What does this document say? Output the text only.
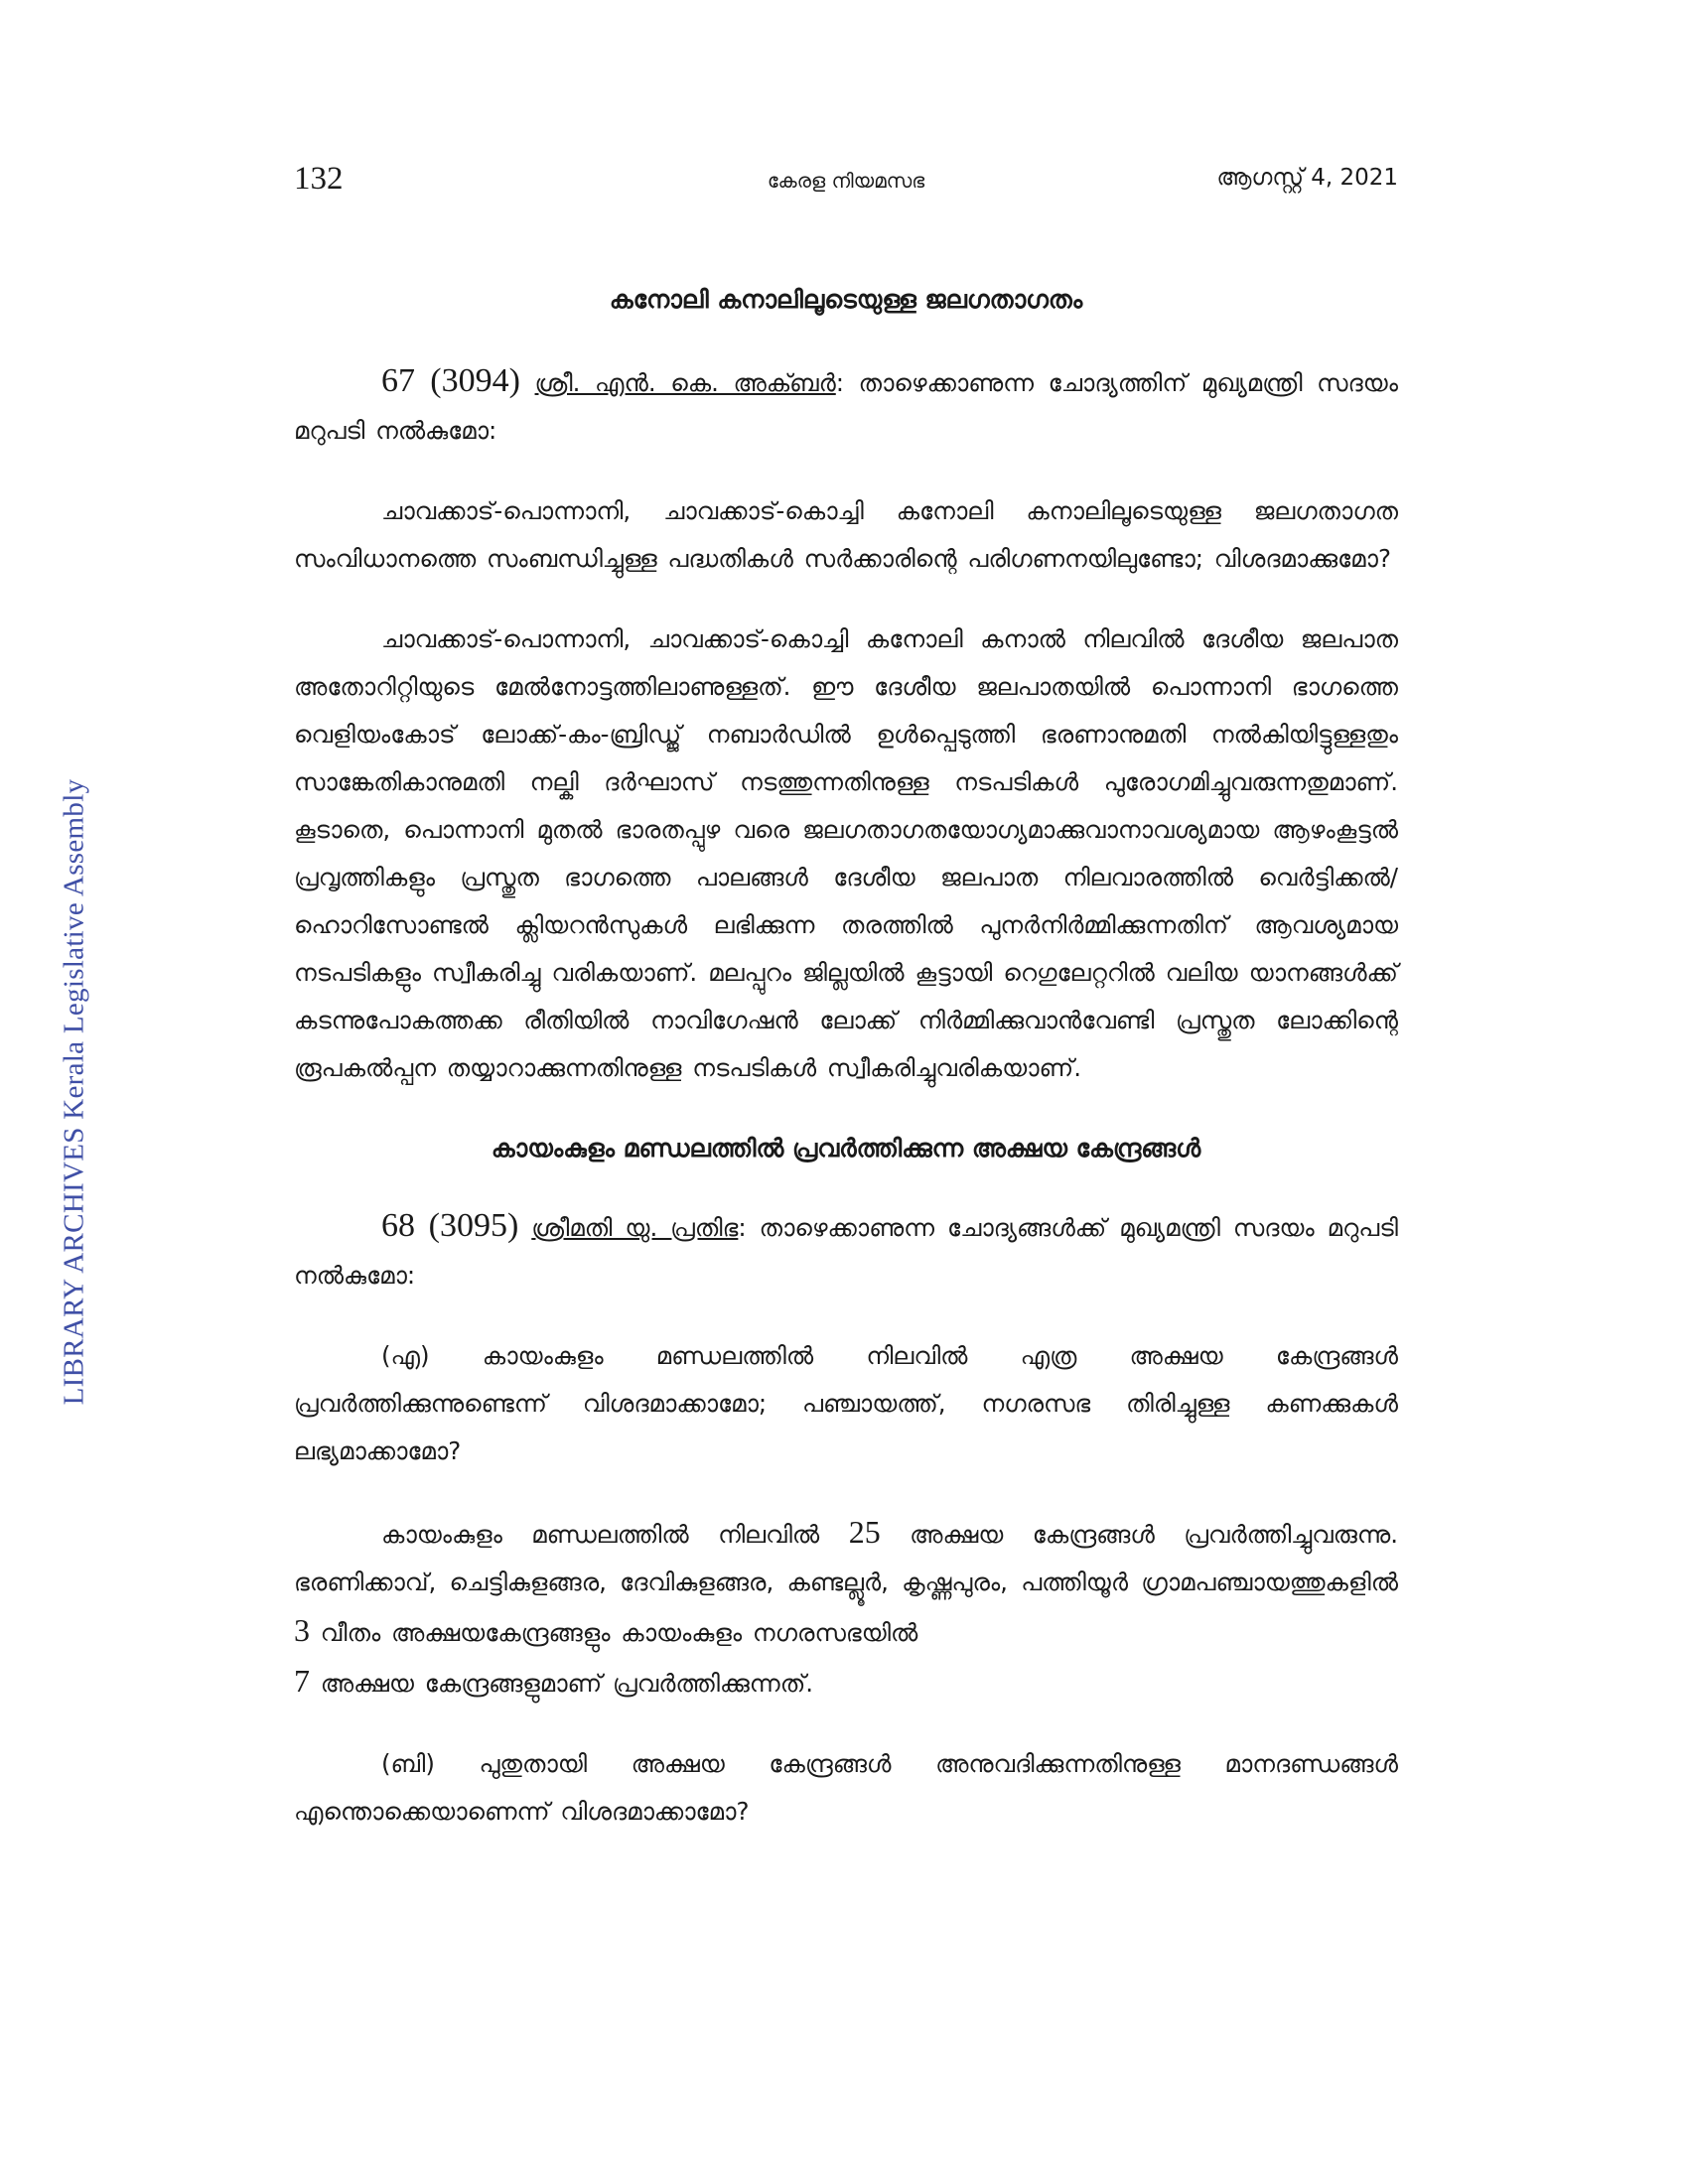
LIBRARY ARCHIVES Kerala Legislative Assembly
132	കേരള നിയമസഭ	ആഗസ്റ്റ് 4, 2021
കനോലി കനാലിലൂടെയുള്ള ജലഗതാഗതം

67 (3094) ശ്രീ. എൻ. കെ. അക്ബർ: താഴെക്കാണുന്ന ചോദ്യത്തിന് മുഖ്യമന്ത്രി സദയം മറുപടി നൽകുമോ:

ചാവക്കാട്-പൊന്നാനി, ചാവക്കാട്-കൊച്ചി കനോലി കനാലിലൂടെയുള്ള ജലഗതാഗത സംവിധാനത്തെ സംബന്ധിച്ചുള്ള പദ്ധതികൾ സർക്കാരിന്റെ പരിഗണനയിലുണ്ടോ; വിശദമാക്കുമോ?

ചാവക്കാട്-പൊന്നാനി, ചാവക്കാട്-കൊച്ചി കനോലി കനാൽ നിലവിൽ ദേശീയ ജലപാത അതോറിറ്റിയുടെ മേൽനോട്ടത്തിലാണുള്ളത്. ഈ ദേശീയ ജലപാതയിൽ പൊന്നാനി ഭാഗത്തെ വെളിയംകോട് ലോക്ക്-കം-ബ്രിഡ്ജ് നബാർഡിൽ ഉൾപ്പെടുത്തി ഭരണാനുമതി നൽകിയിട്ടുള്ളതും സാങ്കേതികാനുമതി നല്കി ദർഘാസ് നടത്തുന്നതിനുള്ള നടപടികൾ പുരോഗമിച്ചുവരുന്നതുമാണ്. കൂടാതെ, പൊന്നാനി മുതൽ ഭാരതപ്പുഴ വരെ ജലഗതാഗതയോഗ്യമാക്കുവാനാവശ്യമായ ആഴംകൂട്ടൽ പ്രവൃത്തികളും പ്രസ്തുത ഭാഗത്തെ പാലങ്ങൾ ദേശീയ ജലപാത നിലവാരത്തിൽ വെർട്ടിക്കൽ/ഹൊറിസോണ്ടൽ ക്ലിയറൻസുകൾ ലഭിക്കുന്ന തരത്തിൽ പുനർനിർമ്മിക്കുന്നതിന് ആവശ്യമായ നടപടികളും സ്വീകരിച്ചു വരികയാണ്. മലപ്പുറം ജില്ലയിൽ കൂട്ടായി റെഗുലേറ്ററിൽ വലിയ യാനങ്ങൾക്ക് കടന്നുപോകത്തക്ക രീതിയിൽ നാവിഗേഷൻ ലോക്ക് നിർമ്മിക്കുവാൻവേണ്ടി പ്രസ്തുത ലോക്കിന്റെ രൂപകൽപ്പന തയ്യാറാക്കുന്നതിനുള്ള നടപടികൾ സ്വീകരിച്ചുവരികയാണ്.

കായംകുളം മണ്ഡലത്തിൽ പ്രവർത്തിക്കുന്ന അക്ഷയ കേന്ദ്രങ്ങൾ

68 (3095) ശ്രീമതി യു. പ്രതിഭ: താഴെക്കാണുന്ന ചോദ്യങ്ങൾക്ക് മുഖ്യമന്ത്രി സദയം മറുപടി നൽകുമോ:

(എ) കായംകുളം മണ്ഡലത്തിൽ നിലവിൽ എത്ര അക്ഷയ കേന്ദ്രങ്ങൾ പ്രവർത്തിക്കുന്നുണ്ടെന്ന് വിശദമാക്കാമോ; പഞ്ചായത്ത്, നഗരസഭ തിരിച്ചുള്ള കണക്കുകൾ ലഭ്യമാക്കാമോ?

കായംകുളം മണ്ഡലത്തിൽ നിലവിൽ 25 അക്ഷയ കേന്ദ്രങ്ങൾ പ്രവർത്തിച്ചുവരുന്നു. ഭരണിക്കാവ്, ചെട്ടികുളങ്ങര, ദേവികുളങ്ങര, കണ്ടല്ലൂർ, കൃഷ്ണപുരം, പത്തിയൂർ ഗ്രാമപഞ്ചായത്തുകളിൽ 3 വീതം അക്ഷയകേന്ദ്രങ്ങളും കായംകുളം നഗരസഭയിൽ
7 അക്ഷയ കേന്ദ്രങ്ങളുമാണ് പ്രവർത്തിക്കുന്നത്.

(ബി) പുതുതായി അക്ഷയ കേന്ദ്രങ്ങൾ അനുവദിക്കുന്നതിനുള്ള മാനദണ്ഡങ്ങൾ എന്തൊക്കെയാണെന്ന് വിശദമാക്കാമോ?
